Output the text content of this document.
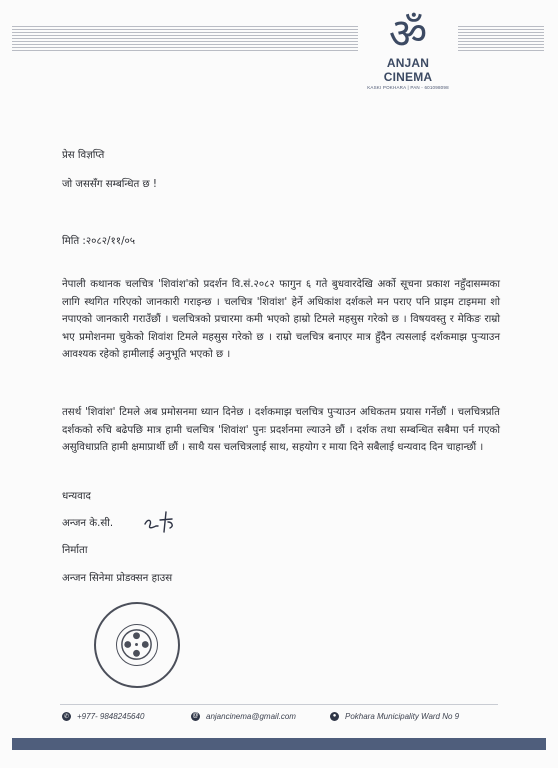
ॐ
ANJAN CINEMA
KASKI POKHARA | PAN - 601098098
प्रेस विज्ञप्ति
जो जससँग सम्बन्धित छ !
मिति :२०८२/११/०५
नेपाली कथानक चलचित्र 'शिवांश'को प्रदर्शन वि.सं.२०८२ फागुन ६ गते बुधवारदेखि अर्को सूचना प्रकाश नहुँदासम्मका लागि स्थगित गरिएको जानकारी गराइन्छ । चलचित्र 'शिवांश' हेर्ने अधिकांश दर्शकले मन पराए पनि प्राइम टाइममा शो नपाएको जानकारी गराउँछौं । चलचित्रको प्रचारमा कमी भएको हाम्रो टिमले महसुस गरेको छ । विषयवस्तु र मेकिङ राम्रो भए प्रमोशनमा चुकेको शिवांश टिमले महसुस गरेको छ । राम्रो चलचित्र बनाएर मात्र हुँदैन त्यसलाई दर्शकमाझ पुऱ्याउन आवश्यक रहेको हामीलाई अनुभूति भएको छ ।
तसर्थ 'शिवांश' टिमले अब प्रमोसनमा ध्यान दिनेछ । दर्शकमाझ चलचित्र पुऱ्याउन अधिकतम प्रयास गर्नेछौं । चलचित्रप्रति दर्शकको रुचि बढेपछि मात्र हामी चलचित्र 'शिवांश' पुनः प्रदर्शनमा ल्याउने छौं । दर्शक तथा सम्बन्धित सबैमा पर्न गएको असुविधाप्रति हामी क्षमाप्रार्थी छौं । साथै यस चलचित्रलाई साथ, सहयोग र माया दिने सबैलाई धन्यवाद दिन चाहान्छौं ।
धन्यवाद
अन्जन के.सी.
निर्माता
अन्जन सिनेमा प्रोडक्सन हाउस
✆ +977- 9848245640	@ anjancinema@gmail.com	●	Pokhara Municipality Ward No 9
